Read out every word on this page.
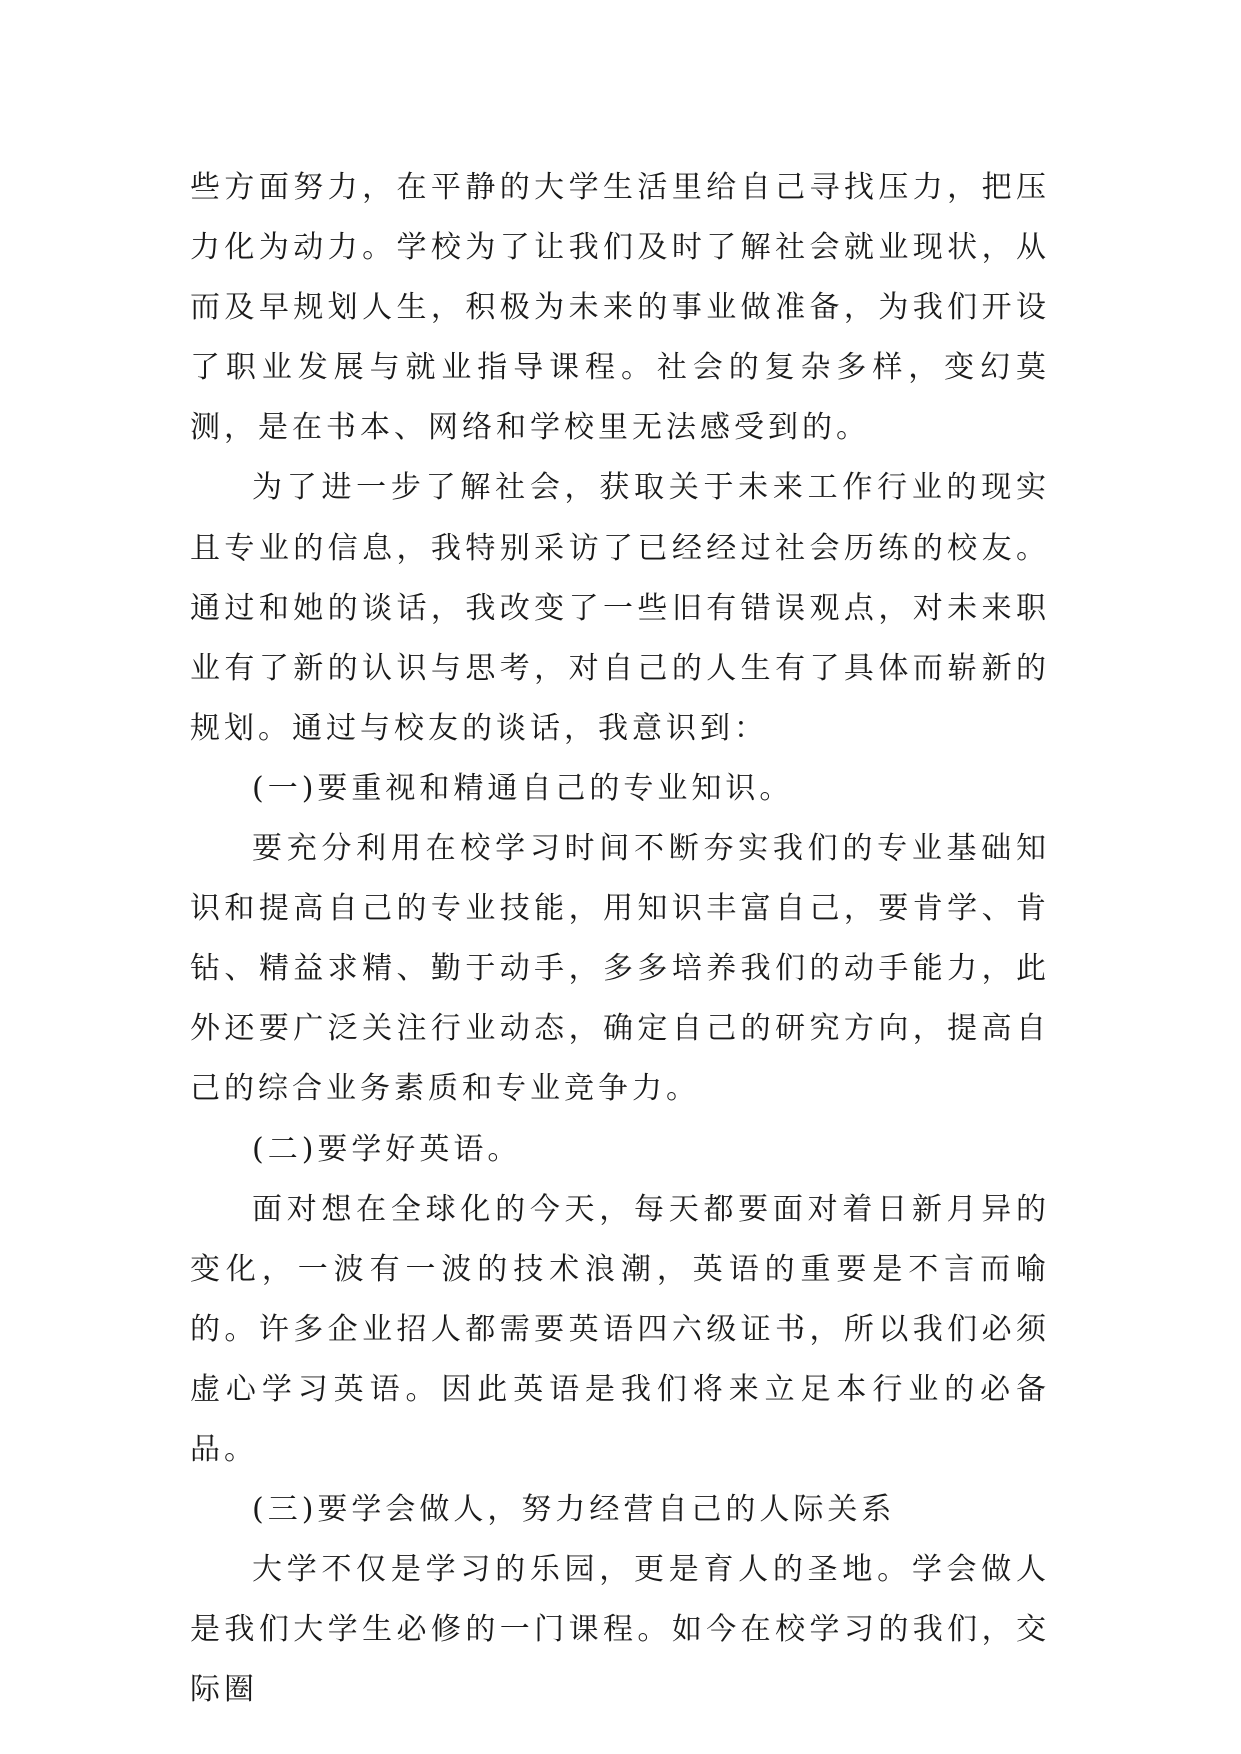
些方面努力，在平静的大学生活里给自己寻找压力，把压力化为动力。学校为了让我们及时了解社会就业现状，从而及早规划人生，积极为未来的事业做准备，为我们开设了职业发展与就业指导课程。社会的复杂多样，变幻莫测，是在书本、网络和学校里无法感受到的。

为了进一步了解社会，获取关于未来工作行业的现实且专业的信息，我特别采访了已经经过社会历练的校友。通过和她的谈话，我改变了一些旧有错误观点，对未来职业有了新的认识与思考，对自己的人生有了具体而崭新的规划。通过与校友的谈话，我意识到：

(一)要重视和精通自己的专业知识。

要充分利用在校学习时间不断夯实我们的专业基础知识和提高自己的专业技能，用知识丰富自己，要肯学、肯钻、精益求精、勤于动手，多多培养我们的动手能力，此外还要广泛关注行业动态，确定自己的研究方向，提高自己的综合业务素质和专业竞争力。

(二)要学好英语。

面对想在全球化的今天，每天都要面对着日新月异的变化，一波有一波的技术浪潮，英语的重要是不言而喻的。许多企业招人都需要英语四六级证书，所以我们必须虚心学习英语。因此英语是我们将来立足本行业的必备品。

(三)要学会做人，努力经营自己的人际关系

大学不仅是学习的乐园，更是育人的圣地。学会做人是我们大学生必修的一门课程。如今在校学习的我们，交际圈
